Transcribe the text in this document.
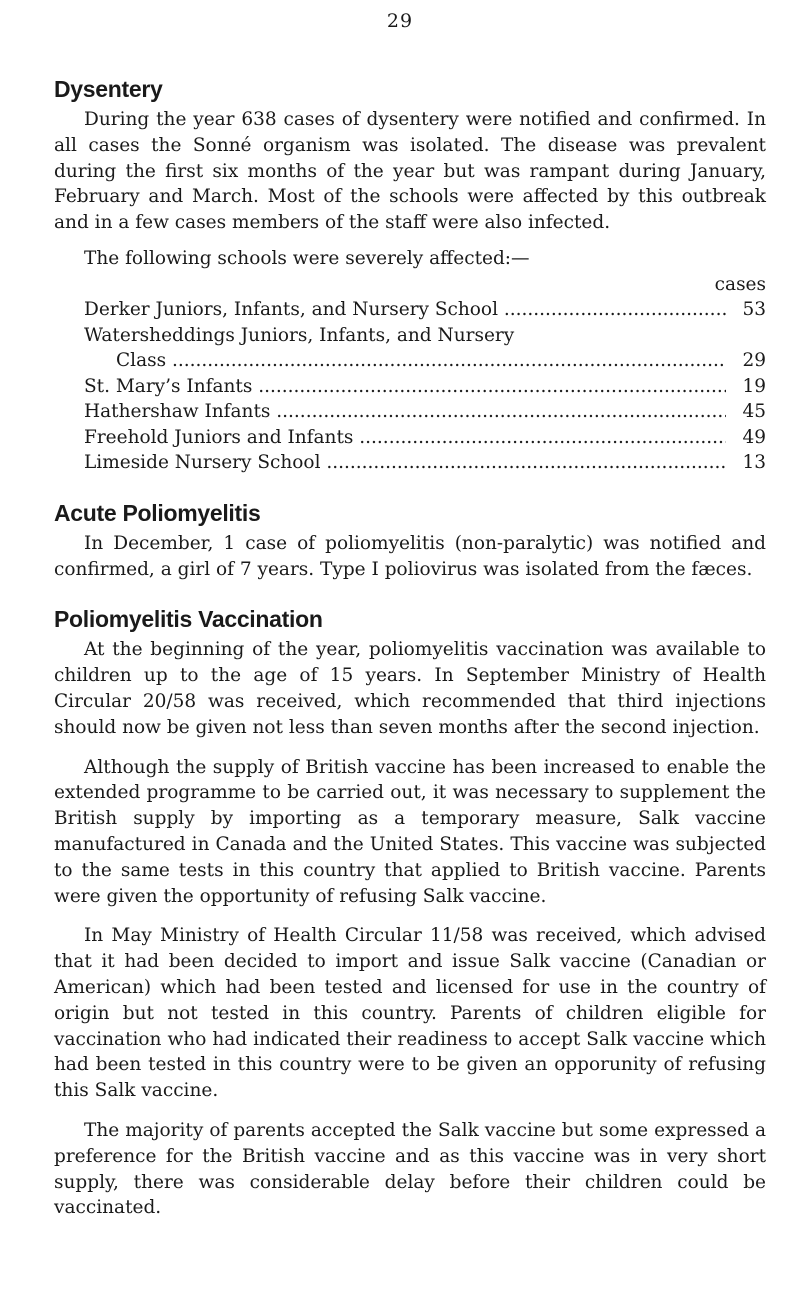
29
Dysentery

During the year 638 cases of dysentery were notified and confirmed. In all cases the Sonné organism was isolated. The disease was prevalent during the first six months of the year but was rampant during January, February and March. Most of the schools were affected by this outbreak and in a few cases members of the staff were also infected.

The following schools were severely affected:—

cases
Derker Juniors, Infants, and Nursery School .....	53
Watersheddings Juniors, Infants, and Nursery
Class .....	29
St. Mary’s Infants .....	19
Hathershaw Infants .....	45
Freehold Juniors and Infants .....	49
Limeside Nursery School .....	13
Acute Poliomyelitis

In December, 1 case of poliomyelitis (non-paralytic) was notified and confirmed, a girl of 7 years. Type I poliovirus was isolated from the fæces.

Poliomyelitis Vaccination

At the beginning of the year, poliomyelitis vaccination was available to children up to the age of 15 years. In September Ministry of Health Circular 20/58 was received, which recommended that third injections should now be given not less than seven months after the second injection.

Although the supply of British vaccine has been increased to enable the extended programme to be carried out, it was necessary to supplement the British supply by importing as a temporary measure, Salk vaccine manufactured in Canada and the United States. This vaccine was subjected to the same tests in this country that applied to British vaccine. Parents were given the opportunity of refusing Salk vaccine.

In May Ministry of Health Circular 11/58 was received, which advised that it had been decided to import and issue Salk vaccine (Canadian or American) which had been tested and licensed for use in the country of origin but not tested in this country. Parents of children eligible for vaccination who had indicated their readiness to accept Salk vaccine which had been tested in this country were to be given an opporunity of refusing this Salk vaccine.

The majority of parents accepted the Salk vaccine but some expressed a preference for the British vaccine and as this vaccine was in very short supply, there was considerable delay before their children could be vaccinated.
